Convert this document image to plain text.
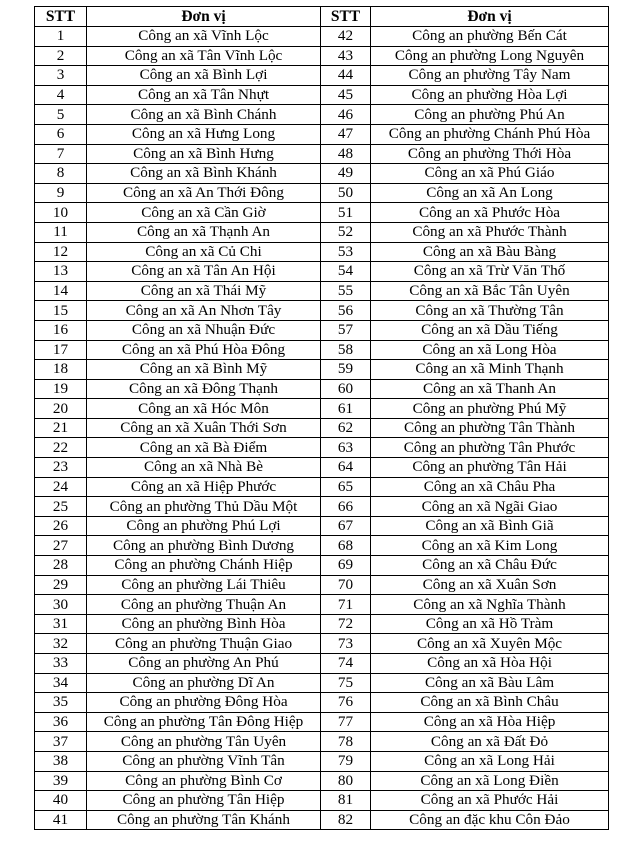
STT	Đơn vị	STT	Đơn vị
1	Công an xã Vĩnh Lộc	42	Công an phường Bến Cát
2	Công an xã Tân Vĩnh Lộc	43	Công an phường Long Nguyên
3	Công an xã Bình Lợi	44	Công an phường Tây Nam
4	Công an xã Tân Nhựt	45	Công an phường Hòa Lợi
5	Công an xã Bình Chánh	46	Công an phường Phú An
6	Công an xã Hưng Long	47	Công an phường Chánh Phú Hòa
7	Công an xã Bình Hưng	48	Công an phường Thới Hòa
8	Công an xã Bình Khánh	49	Công an xã Phú Giáo
9	Công an xã An Thới Đông	50	Công an xã An Long
10	Công an xã Cần Giờ	51	Công an xã Phước Hòa
11	Công an xã Thạnh An	52	Công an xã Phước Thành
12	Công an xã Củ Chi	53	Công an xã Bàu Bàng
13	Công an xã Tân An Hội	54	Công an xã Trừ Văn Thố
14	Công an xã Thái Mỹ	55	Công an xã Bắc Tân Uyên
15	Công an xã An Nhơn Tây	56	Công an xã Thường Tân
16	Công an xã Nhuận Đức	57	Công an xã Dầu Tiếng
17	Công an xã Phú Hòa Đông	58	Công an xã Long Hòa
18	Công an xã Bình Mỹ	59	Công an xã Minh Thạnh
19	Công an xã Đông Thạnh	60	Công an xã Thanh An
20	Công an xã Hóc Môn	61	Công an phường Phú Mỹ
21	Công an xã Xuân Thới Sơn	62	Công an phường Tân Thành
22	Công an xã Bà Điểm	63	Công an phường Tân Phước
23	Công an xã Nhà Bè	64	Công an phường Tân Hải
24	Công an xã Hiệp Phước	65	Công an xã Châu Pha
25	Công an phường Thủ Dầu Một	66	Công an xã Ngãi Giao
26	Công an phường Phú Lợi	67	Công an xã Bình Giã
27	Công an phường Bình Dương	68	Công an xã Kim Long
28	Công an phường Chánh Hiệp	69	Công an xã Châu Đức
29	Công an phường Lái Thiêu	70	Công an xã Xuân Sơn
30	Công an phường Thuận An	71	Công an xã Nghĩa Thành
31	Công an phường Bình Hòa	72	Công an xã Hồ Tràm
32	Công an phường Thuận Giao	73	Công an xã Xuyên Mộc
33	Công an phường An Phú	74	Công an xã Hòa Hội
34	Công an phường Dĩ An	75	Công an xã Bàu Lâm
35	Công an phường Đông Hòa	76	Công an xã Bình Châu
36	Công an phường Tân Đông Hiệp	77	Công an xã Hòa Hiệp
37	Công an phường Tân Uyên	78	Công an xã Đất Đỏ
38	Công an phường Vĩnh Tân	79	Công an xã Long Hải
39	Công an phường Bình Cơ	80	Công an xã Long Điền
40	Công an phường Tân Hiệp	81	Công an xã Phước Hải
41	Công an phường Tân Khánh	82	Công an đặc khu Côn Đảo
